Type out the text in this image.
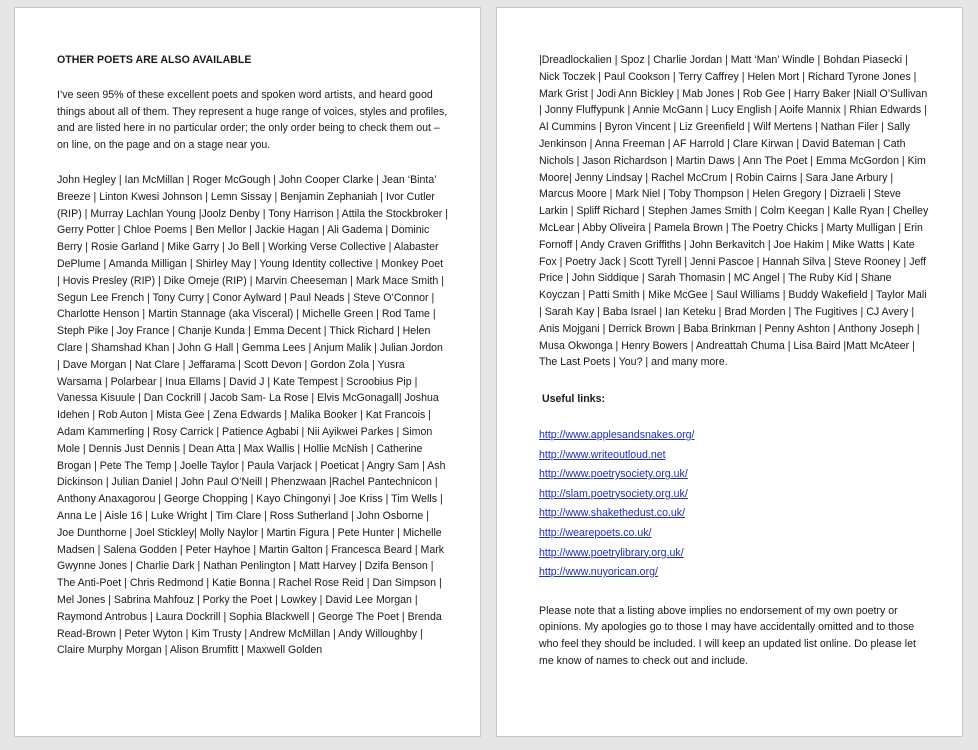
OTHER POETS ARE ALSO AVAILABLE

I’ve seen 95% of these excellent poets and spoken word artists, and heard good things about all of them. They represent a huge range of voices, styles and profiles, and are listed here in no particular order; the only order being to check them out – on line, on the page and on a stage near you.

John Hegley | Ian McMillan | Roger McGough | John Cooper Clarke | Jean ‘Binta’ Breeze | Linton Kwesi Johnson | Lemn Sissay | Benjamin Zephaniah | Ivor Cutler (RIP) | Murray Lachlan Young |Joolz Denby | Tony Harrison | Attila the Stockbroker | Gerry Potter | Chloe Poems | Ben Mellor | Jackie Hagan | Ali Gadema | Dominic Berry | Rosie Garland | Mike Garry | Jo Bell | Working Verse Collective | Alabaster DePlume | Amanda Milligan | Shirley May | Young Identity collective | Monkey Poet | Hovis Presley (RIP) | Dike Omeje (RIP) | Marvin Cheeseman | Mark Mace Smith | Segun Lee French | Tony Curry | Conor Aylward | Paul Neads | Steve O’Connor | Charlotte Henson | Martin Stannage (aka Visceral) | Michelle Green | Rod Tame | Steph Pike | Joy France | Chanje Kunda | Emma Decent | Thick Richard | Helen Clare | Shamshad Khan | John G Hall | Gemma Lees | Anjum Malik | Julian Jordon | Dave Morgan | Nat Clare | Jeffarama | Scott Devon | Gordon Zola | Yusra Warsama | Polarbear | Inua Ellams | David J | Kate Tempest | Scroobius Pip | Vanessa Kisuule | Dan Cockrill | Jacob Sam- La Rose | Elvis McGonagall| Joshua Idehen | Rob Auton | Mista Gee | Zena Edwards | Malika Booker | Kat Francois | Adam Kammerling | Rosy Carrick | Patience Agbabi | Nii Ayikwei Parkes | Simon Mole | Dennis Just Dennis | Dean Atta | Max Wallis | Hollie McNish | Catherine Brogan | Pete The Temp | Joelle Taylor | Paula Varjack | Poeticat | Angry Sam | Ash Dickinson | Julian Daniel | John Paul O’Neill | Phenzwaan |Rachel Pantechnicon | Anthony Anaxagorou | George Chopping | Kayo Chingonyi | Joe Kriss | Tim Wells | Anna Le | Aisle 16 | Luke Wright | Tim Clare | Ross Sutherland | John Osborne | Joe Dunthorne | Joel Stickley| Molly Naylor | Martin Figura | Pete Hunter | Michelle Madsen | Salena Godden | Peter Hayhoe | Martin Galton | Francesca Beard | Mark Gwynne Jones | Charlie Dark | Nathan Penlington | Matt Harvey | Dzifa Benson | The Anti-Poet | Chris Redmond | Katie Bonna | Rachel Rose Reid | Dan Simpson | Mel Jones | Sabrina Mahfouz | Porky the Poet | Lowkey | David Lee Morgan | Raymond Antrobus | Laura Dockrill | Sophia Blackwell | George The Poet | Brenda Read-Brown | Peter Wyton | Kim Trusty | Andrew McMillan | Andy Willoughby | Claire Murphy Morgan | Alison Brumfitt | Maxwell Golden

|Dreadlockalien | Spoz | Charlie Jordan | Matt ‘Man’ Windle | Bohdan Piasecki | Nick Toczek | Paul Cookson | Terry Caffrey | Helen Mort | Richard Tyrone Jones | Mark Grist | Jodi Ann Bickley | Mab Jones | Rob Gee | Harry Baker |Niall O’Sullivan | Jonny Fluffypunk | Annie McGann | Lucy English | Aoife Mannix | Rhian Edwards | Al Cummins | Byron Vincent | Liz Greenfield | Wilf Mertens | Nathan Filer | Sally Jenkinson | Anna Freeman | AF Harrold | Clare Kirwan | David Bateman | Cath Nichols | Jason Richardson | Martin Daws | Ann The Poet | Emma McGordon | Kim Moore| Jenny Lindsay | Rachel McCrum | Robin Cairns | Sara Jane Arbury | Marcus Moore | Mark Niel | Toby Thompson | Helen Gregory | Dizraeli | Steve Larkin | Spliff Richard | Stephen James Smith | Colm Keegan | Kalle Ryan | Chelley McLear | Abby Oliveira | Pamela Brown | The Poetry Chicks | Marty Mulligan | Erin Fornoff | Andy Craven Griffiths | John Berkavitch | Joe Hakim | Mike Watts | Kate Fox | Poetry Jack | Scott Tyrell | Jenni Pascoe | Hannah Silva | Steve Rooney | Jeff Price | John Siddique | Sarah Thomasin | MC Angel | The Ruby Kid | Shane Koyczan | Patti Smith | Mike McGee | Saul Williams | Buddy Wakefield | Taylor Mali | Sarah Kay | Baba Israel | Ian Keteku | Brad Morden | The Fugitives | CJ Avery | Anis Mojgani | Derrick Brown | Baba Brinkman | Penny Ashton | Anthony Joseph | Musa Okwonga | Henry Bowers | Andreattah Chuma | Lisa Baird |Matt McAteer | The Last Poets | You? | and many more.

Useful links:

http://www.applesandsnakes.org/
http://www.writeoutloud.net
http://www.poetrysociety.org.uk/
http://slam.poetrysociety.org.uk/
http://www.shakethedust.co.uk/
http://wearepoets.co.uk/
http://www.poetrylibrary.org.uk/
http://www.nuyorican.org/

Please note that a listing above implies no endorsement of my own poetry or opinions. My apologies go to those I may have accidentally omitted and to those who feel they should be included. I will keep an updated list online. Do please let me know of names to check out and include.
